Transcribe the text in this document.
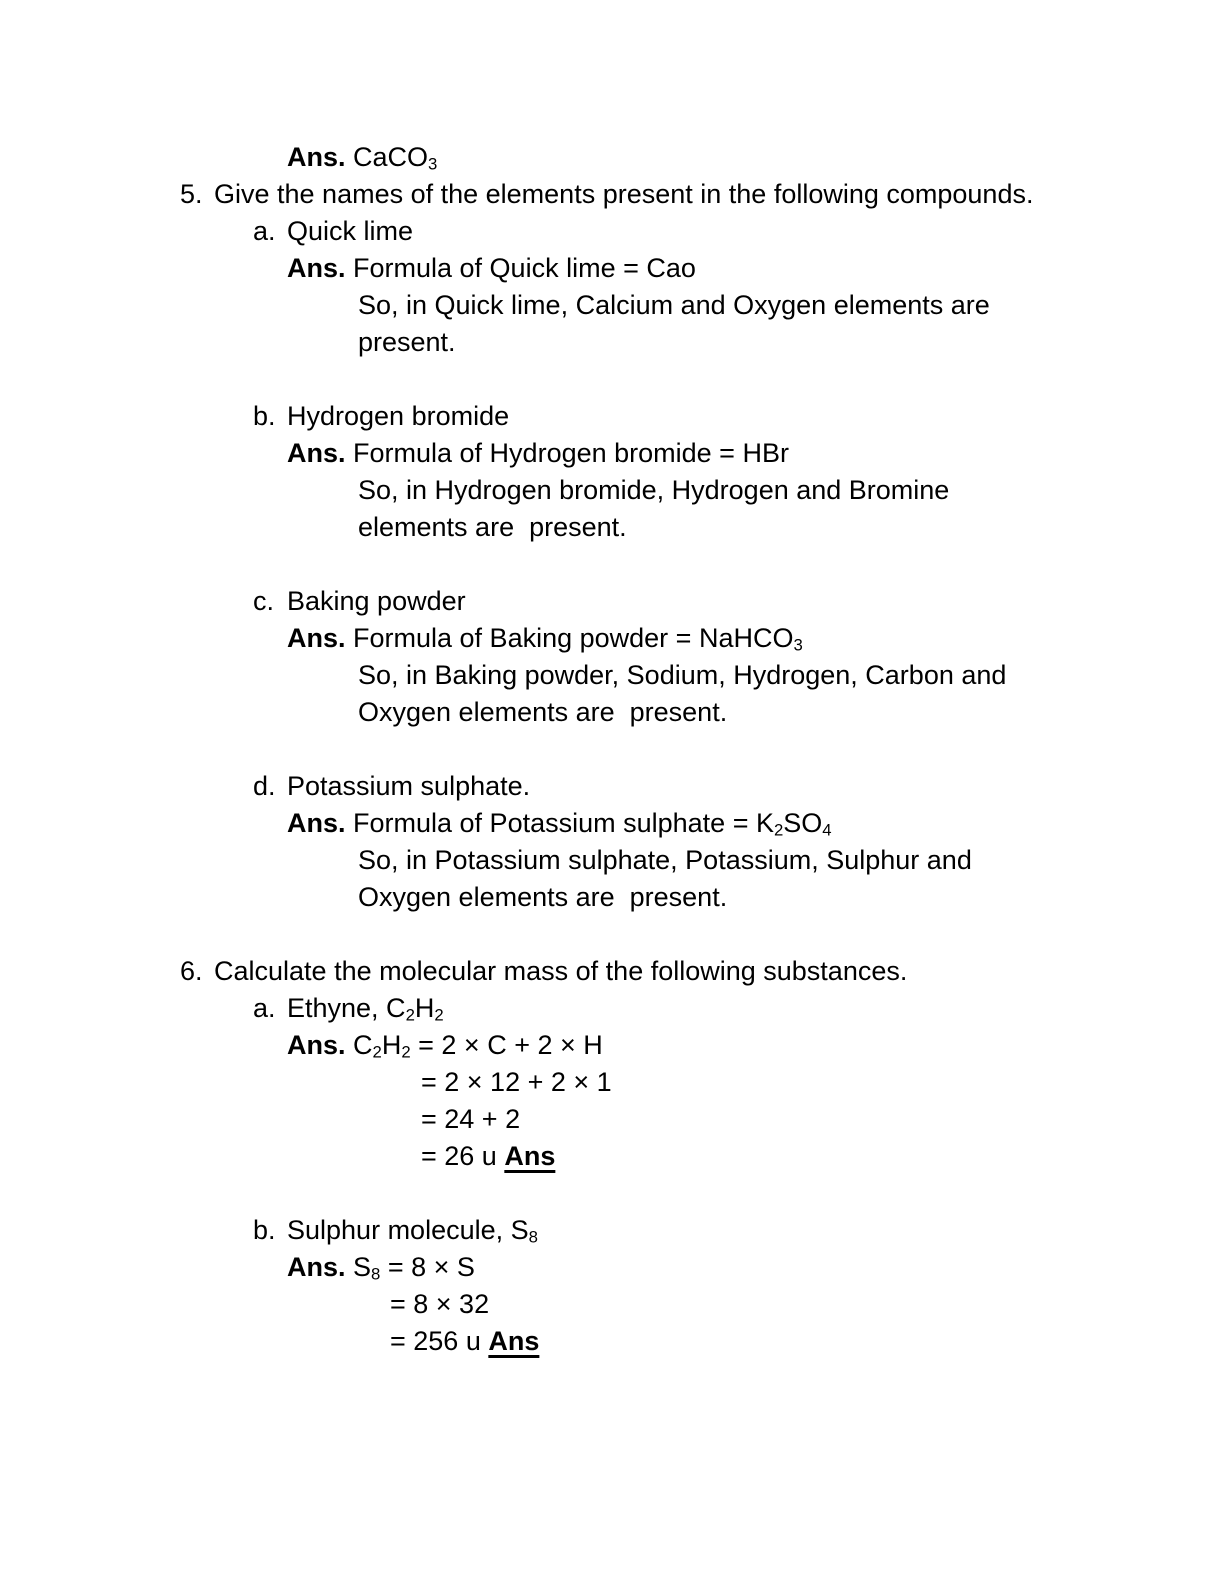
Ans. CaCO$_3$
5. Give the names of the elements present in the following compounds.
a. Quick lime
Ans. Formula of Quick lime = Cao
So, in Quick lime, Calcium and Oxygen elements are
present.
b. Hydrogen bromide
Ans. Formula of Hydrogen bromide = HBr
So, in Hydrogen bromide, Hydrogen and Bromine
elements are  present.
c. Baking powder
Ans. Formula of Baking powder = NaHCO$_3$
So, in Baking powder, Sodium, Hydrogen, Carbon and
Oxygen elements are  present.
d. Potassium sulphate.
Ans. Formula of Potassium sulphate = $K_2SO_4$
So, in Potassium sulphate, Potassium, Sulphur and
Oxygen elements are  present.
6. Calculate the molecular mass of the following substances.
a. Ethyne, $C_2H_2$
Ans. $C_2H_2 = 2 \times C + 2 \times H$
= 2 × 12 + 2 × 1
= 24 + 2
= 26 u Ans
b. Sulphur molecule, $S_8$
Ans. $S_8 = 8 \times S$
= 8 × 32
= 256 u Ans
